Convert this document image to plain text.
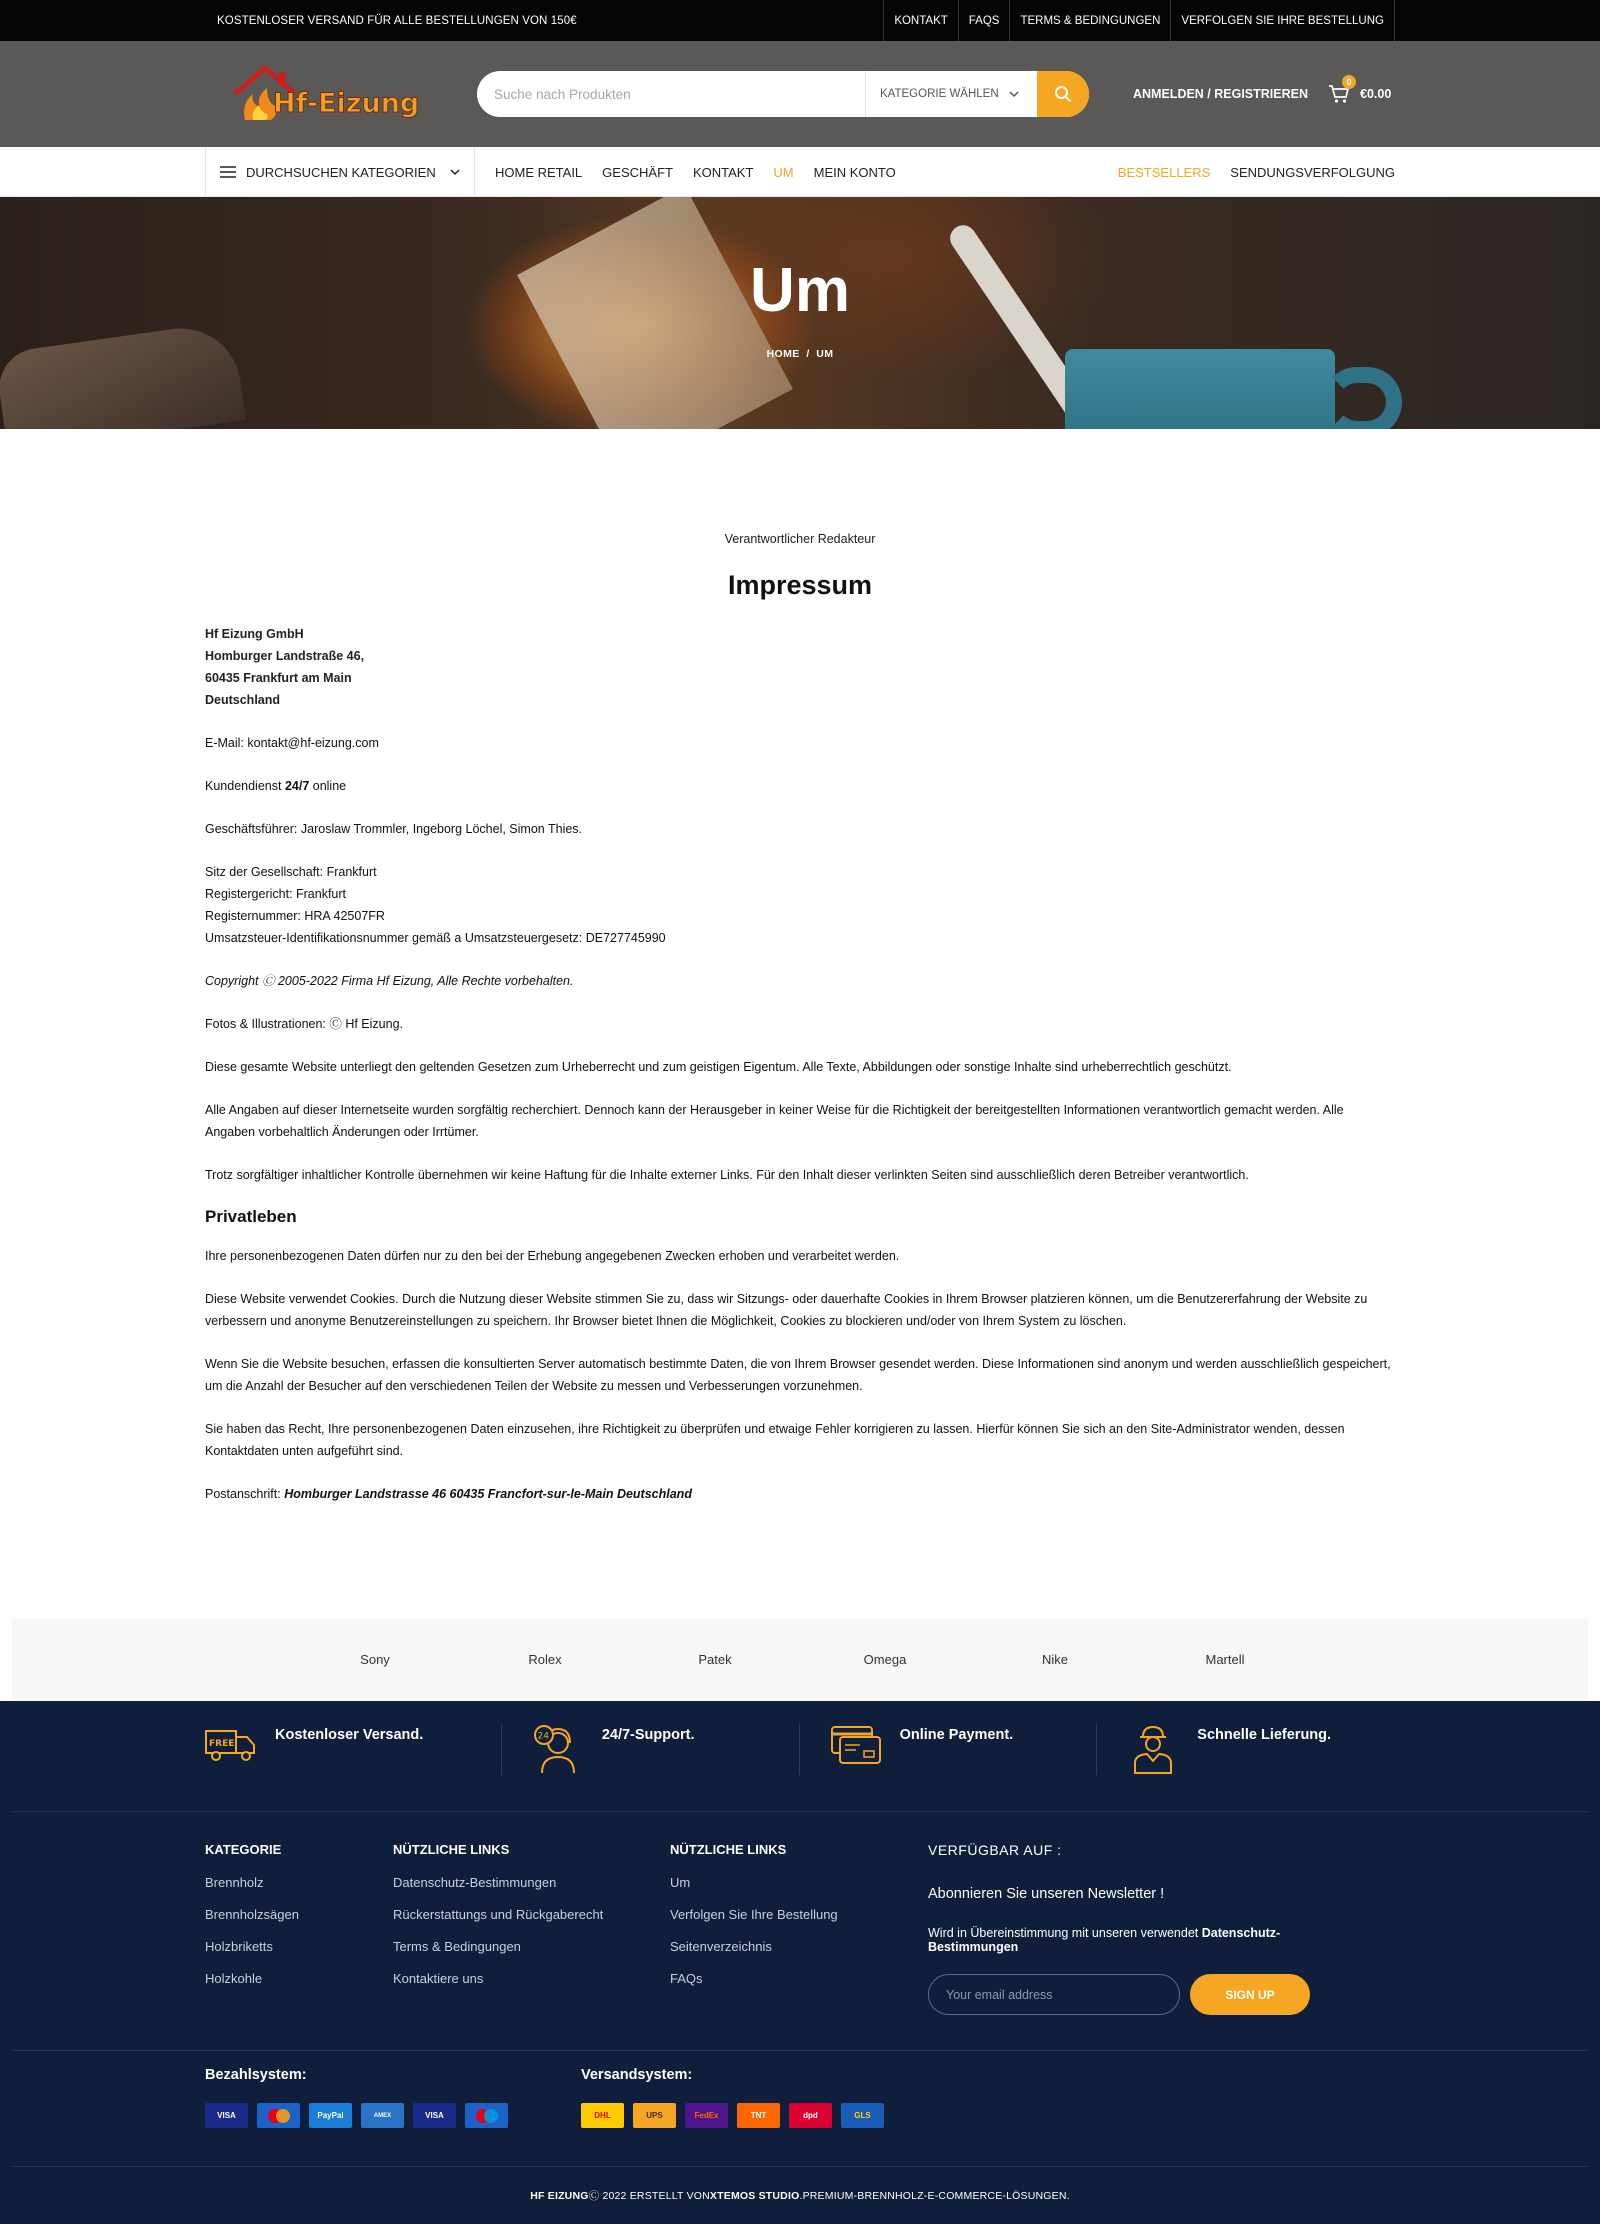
KOSTENLOSER VERSAND FÜR ALLE BESTELLUNGEN VON 150€	KONTAKT	FAQS	TERMS & BEDINGUNGEN	VERFOLGEN SIE IHRE BESTELLUNG
Hf-Eizung
Suche nach Produkten	KATEGORIE WÄHLEN	ANMELDEN / REGISTRIEREN
0
€0.00
DURCHSUCHEN KATEGORIEN	HOME RETAIL GESCHÄFT KONTAKT UM MEIN KONTO	BESTSELLERS SENDUNGSVERFOLGUNG
Um
HOME / UM
Verantwortlicher Redakteur
Impressum
Hf Eizung GmbH
Homburger Landstraße 46,
60435 Frankfurt am Main
Deutschland

E-Mail: kontakt@hf-eizung.com

Kundendienst 24/7 online

Geschäftsführer: Jaroslaw Trommler, Ingeborg Löchel, Simon Thies.

Sitz der Gesellschaft: Frankfurt
Registergericht: Frankfurt
Registernummer: HRA 42507FR
Umsatzsteuer-Identifikationsnummer gemäß a Umsatzsteuergesetz: DE727745990

Copyright Ⓒ 2005-2022 Firma Hf Eizung, Alle Rechte vorbehalten.

Fotos & Illustrationen: Ⓒ Hf Eizung.

Diese gesamte Website unterliegt den geltenden Gesetzen zum Urheberrecht und zum geistigen Eigentum. Alle Texte, Abbildungen oder sonstige Inhalte sind urheberrechtlich geschützt.

Alle Angaben auf dieser Internetseite wurden sorgfältig recherchiert. Dennoch kann der Herausgeber in keiner Weise für die Richtigkeit der bereitgestellten Informationen verantwortlich gemacht werden. Alle Angaben vorbehaltlich Änderungen oder Irrtümer.

Trotz sorgfältiger inhaltlicher Kontrolle übernehmen wir keine Haftung für die Inhalte externer Links. Für den Inhalt dieser verlinkten Seiten sind ausschließlich deren Betreiber verantwortlich.

Privatleben

Ihre personenbezogenen Daten dürfen nur zu den bei der Erhebung angegebenen Zwecken erhoben und verarbeitet werden.

Diese Website verwendet Cookies. Durch die Nutzung dieser Website stimmen Sie zu, dass wir Sitzungs- oder dauerhafte Cookies in Ihrem Browser platzieren können, um die Benutzererfahrung der Website zu verbessern und anonyme Benutzereinstellungen zu speichern. Ihr Browser bietet Ihnen die Möglichkeit, Cookies zu blockieren und/oder von Ihrem System zu löschen.

Wenn Sie die Website besuchen, erfassen die konsultierten Server automatisch bestimmte Daten, die von Ihrem Browser gesendet werden. Diese Informationen sind anonym und werden ausschließlich gespeichert, um die Anzahl der Besucher auf den verschiedenen Teilen der Website zu messen und Verbesserungen vorzunehmen.

Sie haben das Recht, Ihre personenbezogenen Daten einzusehen, ihre Richtigkeit zu überprüfen und etwaige Fehler korrigieren zu lassen. Hierfür können Sie sich an den Site-Administrator wenden, dessen Kontaktdaten unten aufgeführt sind.

Postanschrift: Homburger Landstrasse 46 60435 Francfort-sur-le-Main Deutschland

Sony	Rolex	Patek	Omega	Nike	Martell
FREE
Kostenloser Versand.	24	24/7-Support.	Online Payment.	Schnelle Lieferung.
KATEGORIE
Brennholz
Brennholzsägen
Holzbriketts
Holzkohle
NÜTZLICHE LINKS
Datenschutz-Bestimmungen
Rückerstattungs und Rückgaberecht
Terms & Bedingungen
Kontaktiere uns
NÜTZLICHE LINKS
Um
Verfolgen Sie Ihre Bestellung
Seitenverzeichnis
FAQs
VERFÜGBAR AUF :
Abonnieren Sie unseren Newsletter !
Wird in Übereinstimmung mit unseren verwendet Datenschutz-Bestimmungen
Your email address
SIGN UP
Bezahlsystem:
VISA	PayPal	AMEX	VISA
Versandsystem:
DHL	UPS	FedEx	TNT	dpd	GLS
HF EIZUNG Ⓒ 2022 ERSTELLT VON XTEMOS STUDIO .PREMIUM-BRENNHOLZ-E-COMMERCE-LÖSUNGEN.
